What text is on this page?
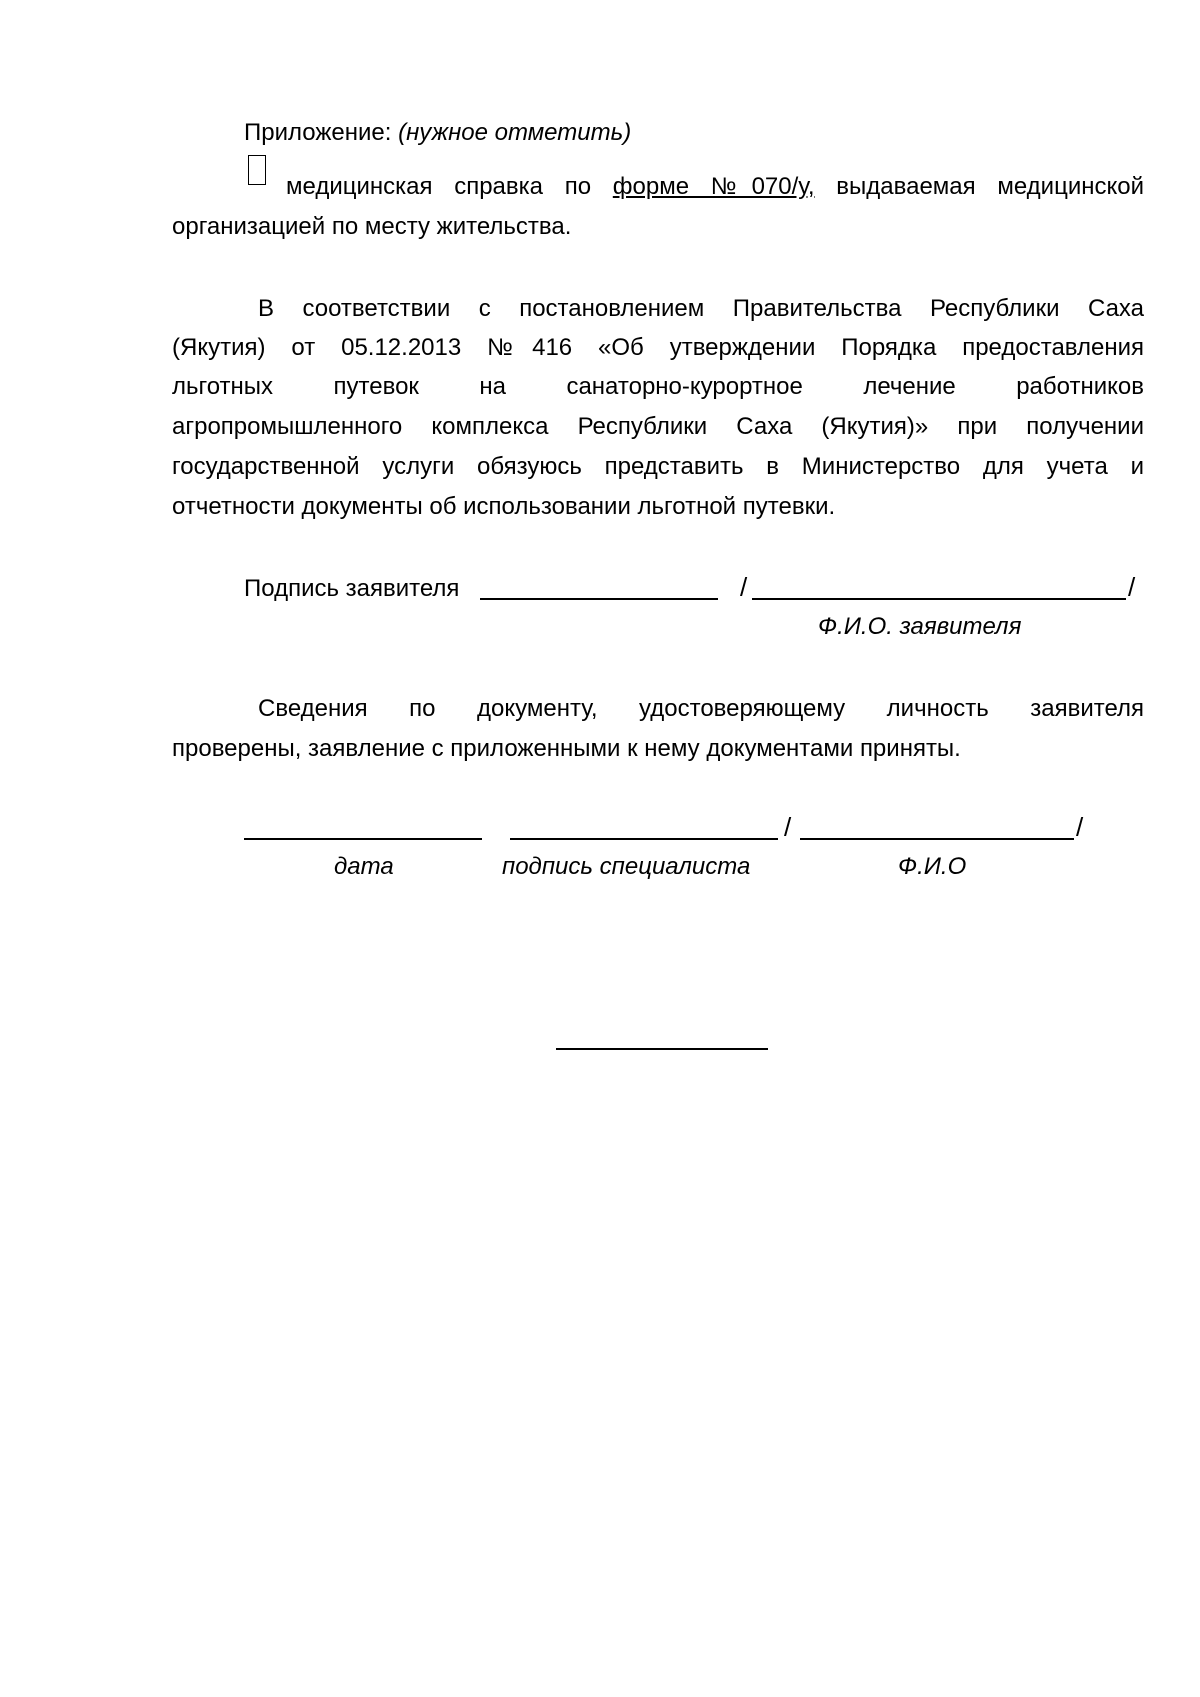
Приложение: (нужное отметить)
медицинская справка по форме №070/у, выдаваемая медицинской
организацией по месту жительства.
В соответствии с постановлением Правительства Республики Саха
(Якутия) от 05.12.2013 №416 «Об утверждении Порядка предоставления
льготных путевок на санаторно-курортное лечение работников
агропромышленного комплекса Республики Саха (Якутия)» при получении
государственной услуги обязуюсь представить в Министерство для учета и
отчетности документы об использовании льготной путевки.
Подпись заявителя	/	/
Ф.И.О. заявителя
Сведения по документу, удостоверяющему личность заявителя
проверены, заявление с приложенными к нему документами приняты.
/	/
дата	подпись специалиста	Ф.И.О
